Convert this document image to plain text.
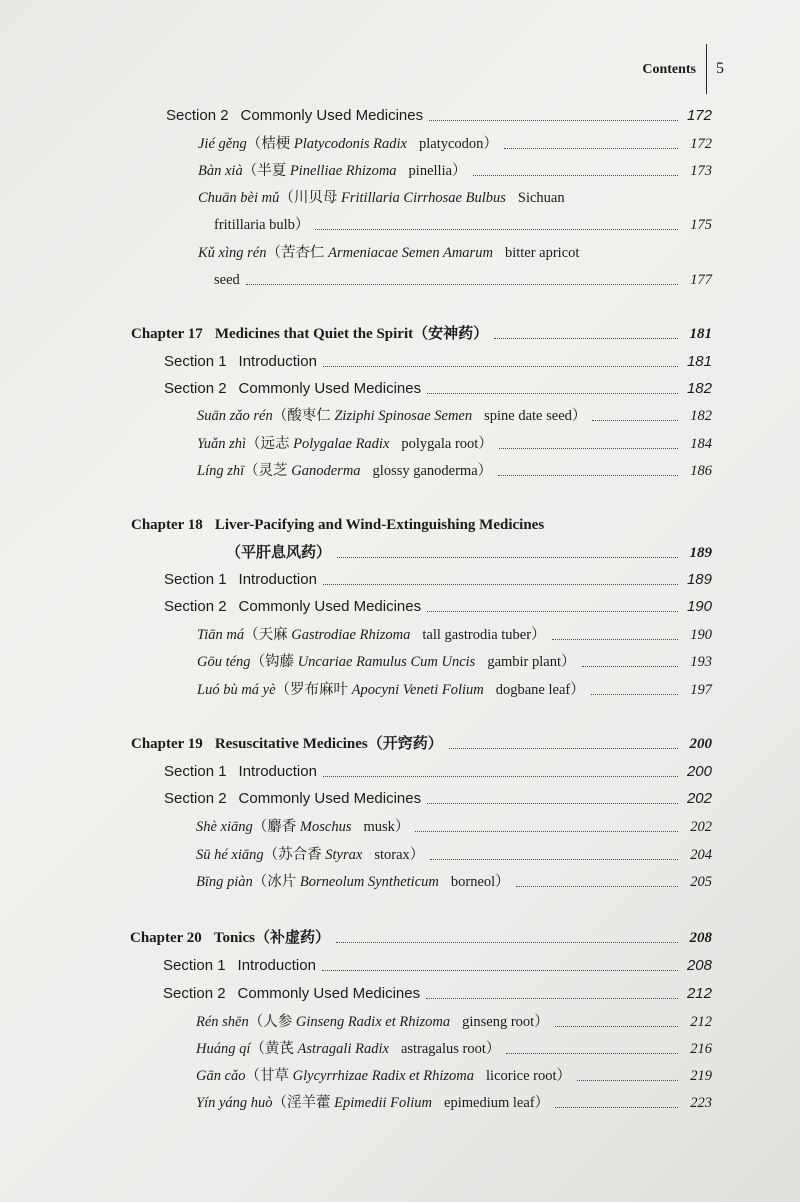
Contents 5
Section 2 Commonly Used Medicines	172
Jié gěng（桔梗 Platycodonis Radix platycodon）	172
Bàn xià（半夏 Pinelliae Rhizoma pinellia）	173
Chuān bèi mǔ（川贝母 Fritillaria Cirrhosae Bulbus Sichuan
fritillaria bulb）	175
Kǔ xìng rén（苦杏仁 Armeniacae Semen Amarum bitter apricot
seed	177
Chapter 17 Medicines that Quiet the Spirit（安神药）	181
Section 1 Introduction	181
Section 2 Commonly Used Medicines	182
Suān zǎo rén（酸枣仁 Ziziphi Spinosae Semen spine date seed）	182
Yuǎn zhì（远志 Polygalae Radix polygala root）	184
Líng zhī（灵芝 Ganoderma glossy ganoderma）	186
Chapter 18 Liver-Pacifying and Wind-Extinguishing Medicines
（平肝息风药）	189
Section 1 Introduction	189
Section 2 Commonly Used Medicines	190
Tiān má（天麻 Gastrodiae Rhizoma tall gastrodia tuber）	190
Gōu téng（钩藤 Uncariae Ramulus Cum Uncis gambir plant）	193
Luó bù má yè（罗布麻叶 Apocyni Veneti Folium dogbane leaf）	197
Chapter 19 Resuscitative Medicines（开窍药）	200
Section 1 Introduction	200
Section 2 Commonly Used Medicines	202
Shè xiāng（麝香 Moschus musk）	202
Sū hé xiāng（苏合香 Styrax storax）	204
Bīng piàn（冰片 Borneolum Syntheticum borneol）	205
Chapter 20 Tonics（补虚药）	208
Section 1 Introduction	208
Section 2 Commonly Used Medicines	212
Rén shēn（人参 Ginseng Radix et Rhizoma ginseng root）	212
Huáng qí（黄芪 Astragali Radix astragalus root）	216
Gān cǎo（甘草 Glycyrrhizae Radix et Rhizoma licorice root）	219
Yín yáng huò（淫羊藿 Epimedii Folium epimedium leaf）	223
